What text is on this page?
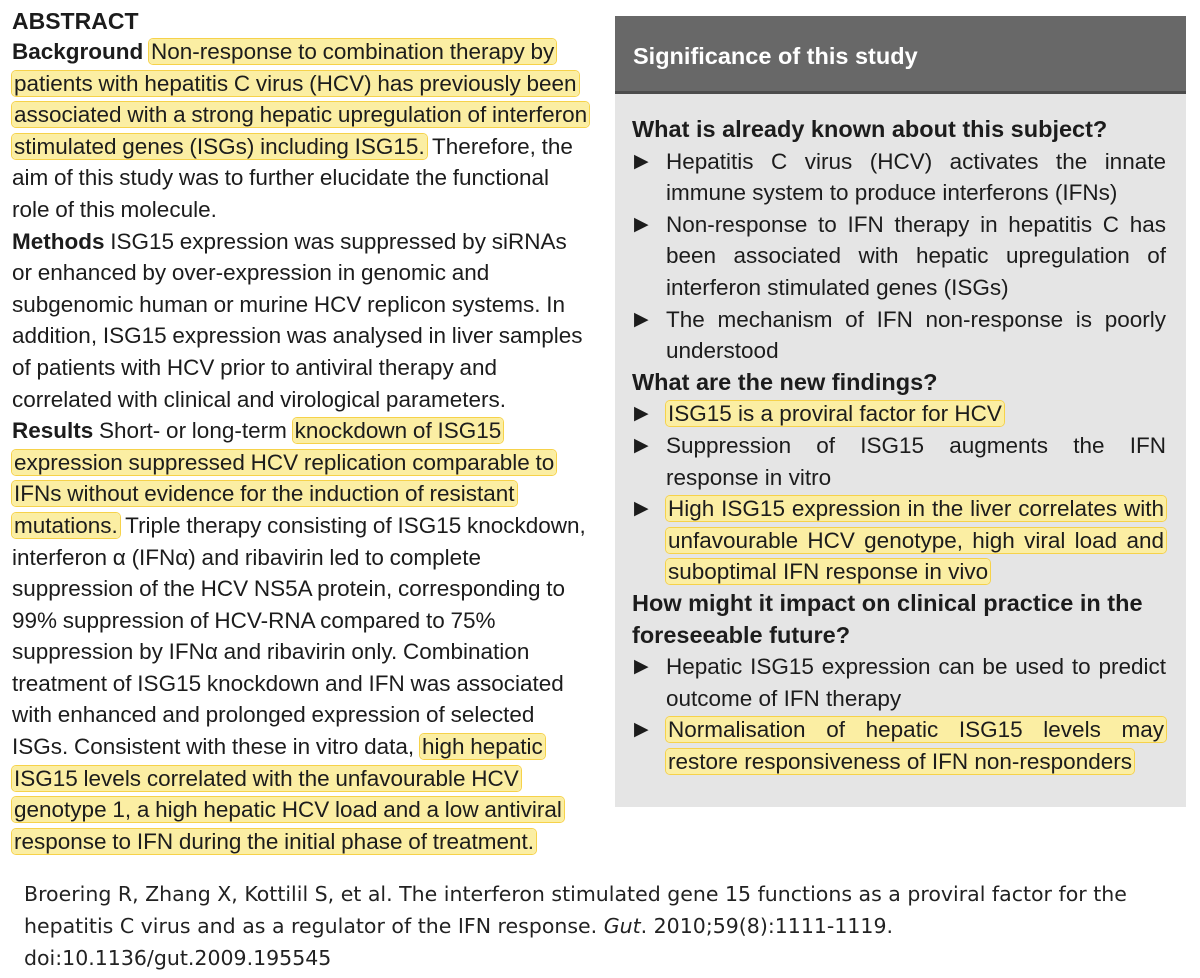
ABSTRACT

Background Non-response to combination therapy by patients with hepatitis C virus (HCV) has previously been associated with a strong hepatic upregulation of interferon stimulated genes (ISGs) including ISG15. Therefore, the aim of this study was to further elucidate the functional role of this molecule.

Methods ISG15 expression was suppressed by siRNAs or enhanced by over-expression in genomic and subgenomic human or murine HCV replicon systems. In addition, ISG15 expression was analysed in liver samples of patients with HCV prior to antiviral therapy and correlated with clinical and virological parameters.

Results Short- or long-term knockdown of ISG15 expression suppressed HCV replication comparable to IFNs without evidence for the induction of resistant mutations. Triple therapy consisting of ISG15 knockdown, interferon α (IFNα) and ribavirin led to complete suppression of the HCV NS5A protein, corresponding to 99% suppression of HCV-RNA compared to 75% suppression by IFNα and ribavirin only. Combination treatment of ISG15 knockdown and IFN was associated with enhanced and prolonged expression of selected ISGs. Consistent with these in vitro data, high hepatic ISG15 levels correlated with the unfavourable HCV genotype 1, a high hepatic HCV load and a low antiviral response to IFN during the initial phase of treatment.

Significance of this study
What is already known about this subject?
▶ Hepatitis C virus (HCV) activates the innate immune system to produce interferons (IFNs)
▶ Non-response to IFN therapy in hepatitis C has been associated with hepatic upregulation of interferon stimulated genes (ISGs)
▶ The mechanism of IFN non-response is poorly understood
What are the new findings?
▶ ISG15 is a proviral factor for HCV
▶ Suppression of ISG15 augments the IFN response in vitro
▶ High ISG15 expression in the liver correlates with unfavourable HCV genotype, high viral load and suboptimal IFN response in vivo
How might it impact on clinical practice in the foreseeable future?
▶ Hepatic ISG15 expression can be used to predict outcome of IFN therapy
▶ Normalisation of hepatic ISG15 levels may restore responsiveness of IFN non-responders
Broering R, Zhang X, Kottilil S, et al. The interferon stimulated gene 15 functions as a proviral factor for the hepatitis C virus and as a regulator of the IFN response. Gut. 2010;59(8):1111-1119.
doi:10.1136/gut.2009.195545
